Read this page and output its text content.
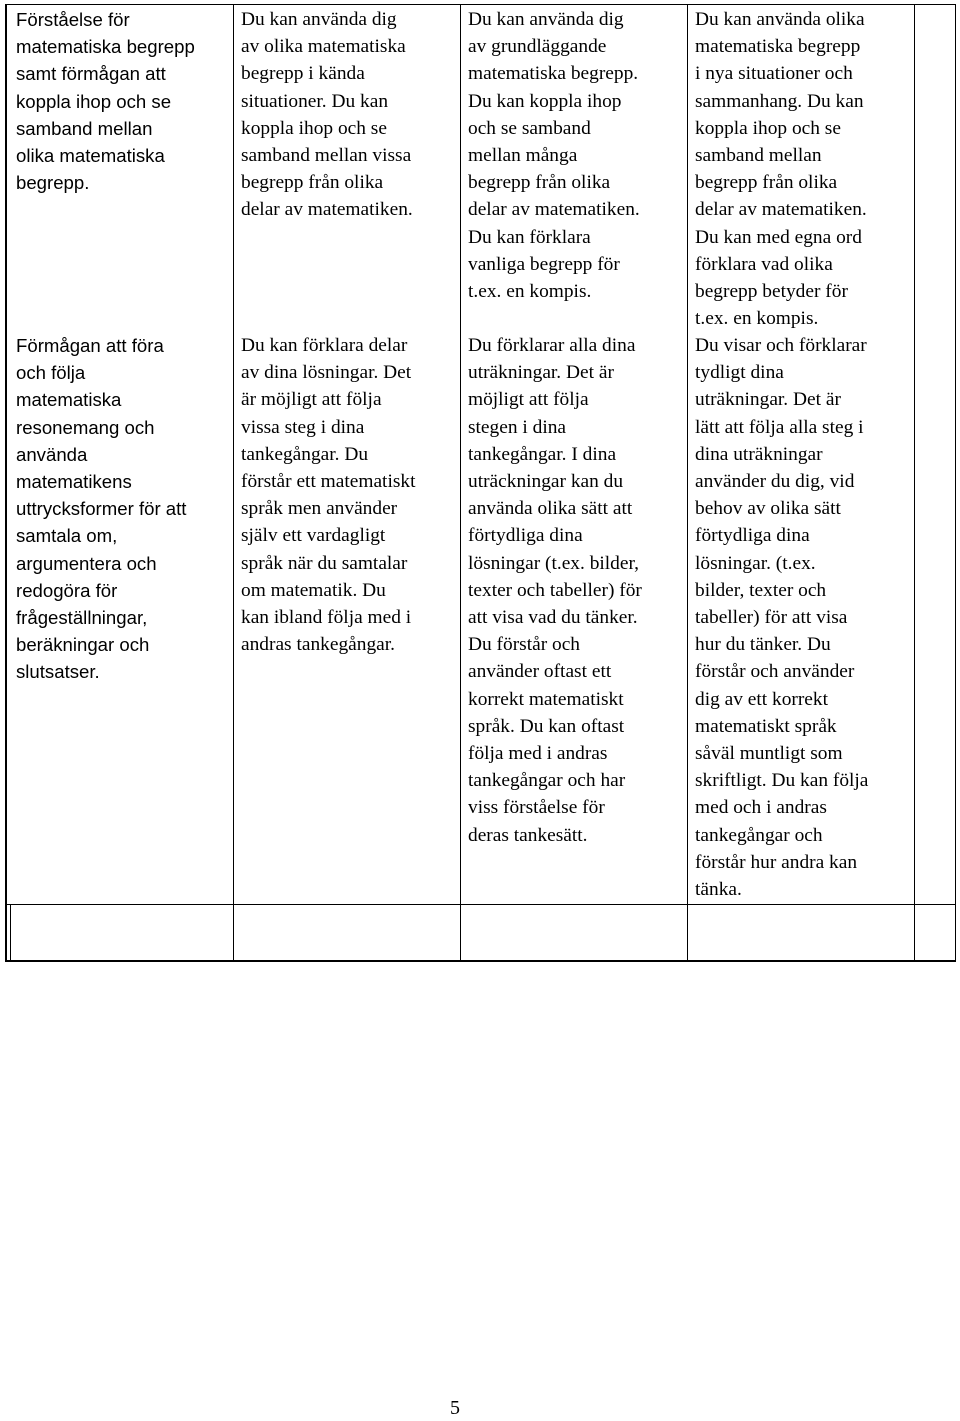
Förståelse för
matematiska begrepp
samt förmågan att
koppla ihop och se
samband mellan
olika matematiska
begrepp.

Du kan använda dig
av olika matematiska
begrepp i kända
situationer. Du kan
koppla ihop och se
samband mellan vissa
begrepp från olika
delar av matematiken.

Du kan använda dig
av grundläggande
matematiska begrepp.
Du kan koppla ihop
och se samband
mellan många
begrepp från olika
delar av matematiken.
Du kan förklara
vanliga begrepp för
t.ex. en kompis.

Du kan använda olika
matematiska begrepp
i nya situationer och
sammanhang. Du kan
koppla ihop och se
samband mellan
begrepp från olika
delar av matematiken.
Du kan med egna ord
förklara vad olika
begrepp betyder för
t.ex. en kompis.

Förmågan att föra
och följa
matematiska
resonemang och
använda
matematikens
uttrycksformer för att
samtala om,
argumentera och
redogöra för
frågeställningar,
beräkningar och
slutsatser.

Du kan förklara delar
av dina lösningar. Det
är möjligt att följa
vissa steg i dina
tankegångar. Du
förstår ett matematiskt
språk men använder
själv ett vardagligt
språk när du samtalar
om matematik. Du
kan ibland följa med i
andras tankegångar.

Du förklarar alla dina
uträkningar. Det är
möjligt att följa
stegen i dina
tankegångar. I dina
uträckningar kan du
använda olika sätt att
förtydliga dina
lösningar (t.ex. bilder,
texter och tabeller) för
att visa vad du tänker.
Du förstår och
använder oftast ett
korrekt matematiskt
språk. Du kan oftast
följa med i andras
tankegångar och har
viss förståelse för
deras tankesätt.

Du visar och förklarar
tydligt dina
uträkningar. Det är
lätt att följa alla steg i
dina uträkningar
använder du dig, vid
behov av olika sätt
förtydliga dina
lösningar. (t.ex.
bilder, texter och
tabeller) för att visa
hur du tänker. Du
förstår och använder
dig av ett korrekt
matematiskt språk
såväl muntligt som
skriftligt. Du kan följa
med och i andras
tankegångar och
förstår hur andra kan
tänka.

5
